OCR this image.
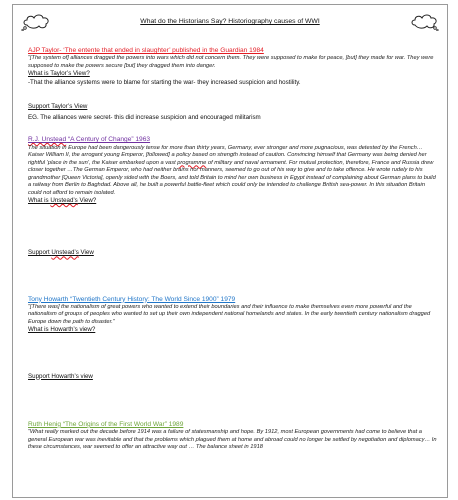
What do the Historians Say? Historiography causes of WWI
AJP Taylor- ‘The entente that ended in slaughter’ published in the Guardian 1984
“[The system of] alliances dragged the powers into wars which did not concern them. They were supposed to make for peace, [but] they made for war. They were supposed to make the powers secure [but] they dragged them into danger.
What is Taylor’s View?
-That the alliance systems were to blame for starting the war- they increased suspicion and hostility.
Support Taylor’s View
EG. The alliances were secret- this did increase suspicion and encouraged militarism
R.J. Unstead “A Century of Change” 1963
The situation in Europe had been dangerously tense for more than thirty years, Germany, ever stronger and more pugnacious, was detested by the French… Kaiser William II, the arrogant young Emperor, [followed] a policy based on strength instead of caution. Convincing himself that Germany was being denied her rightful ‘place in the sun’, the Kaiser embarked upon a vast programme of military and naval armament. For mutual protection, therefore, France and Russia drew closer together …The German Emperor, who had neither brains nor manners, seemed to go out of his way to give and to take offence. He wrote rudely to his grandmother [Queen Victoria], openly sided with the Boers, and told Britain to mind her own business in Egypt instead of complaining about German plans to build a railway from Berlin to Baghdad. Above all, he built a powerful battle-fleet which could only be intended to challenge British sea-power. In this situation Britain could not afford to remain isolated.
What is Unstead’s View?
Support Unstead’s View
Tony Howarth “Twentieth Century History: The World Since 1900” 1979
“[There was] the nationalism of great powers who wanted to extend their boundaries and their influence to make themselves even more powerful and the nationalism of groups of peoples who wanted to set up their own independent national homelands and states. In the early twentieth century nationalism dragged Europe down the path to disaster.”
What is Howarth’s view?
Support Howarth’s view
Ruth Henig “The Origins of the First World War” 1989
“What really marked out the decade before 1914 was a failure of statesmanship and hope. By 1912, most European governments had come to believe that a general European war was inevitable and that the problems which plagued them at home and abroad could no longer be settled by negotiation and diplomacy… In these circumstances, war seemed to offer an attractive way out … The balance sheet in 1918
